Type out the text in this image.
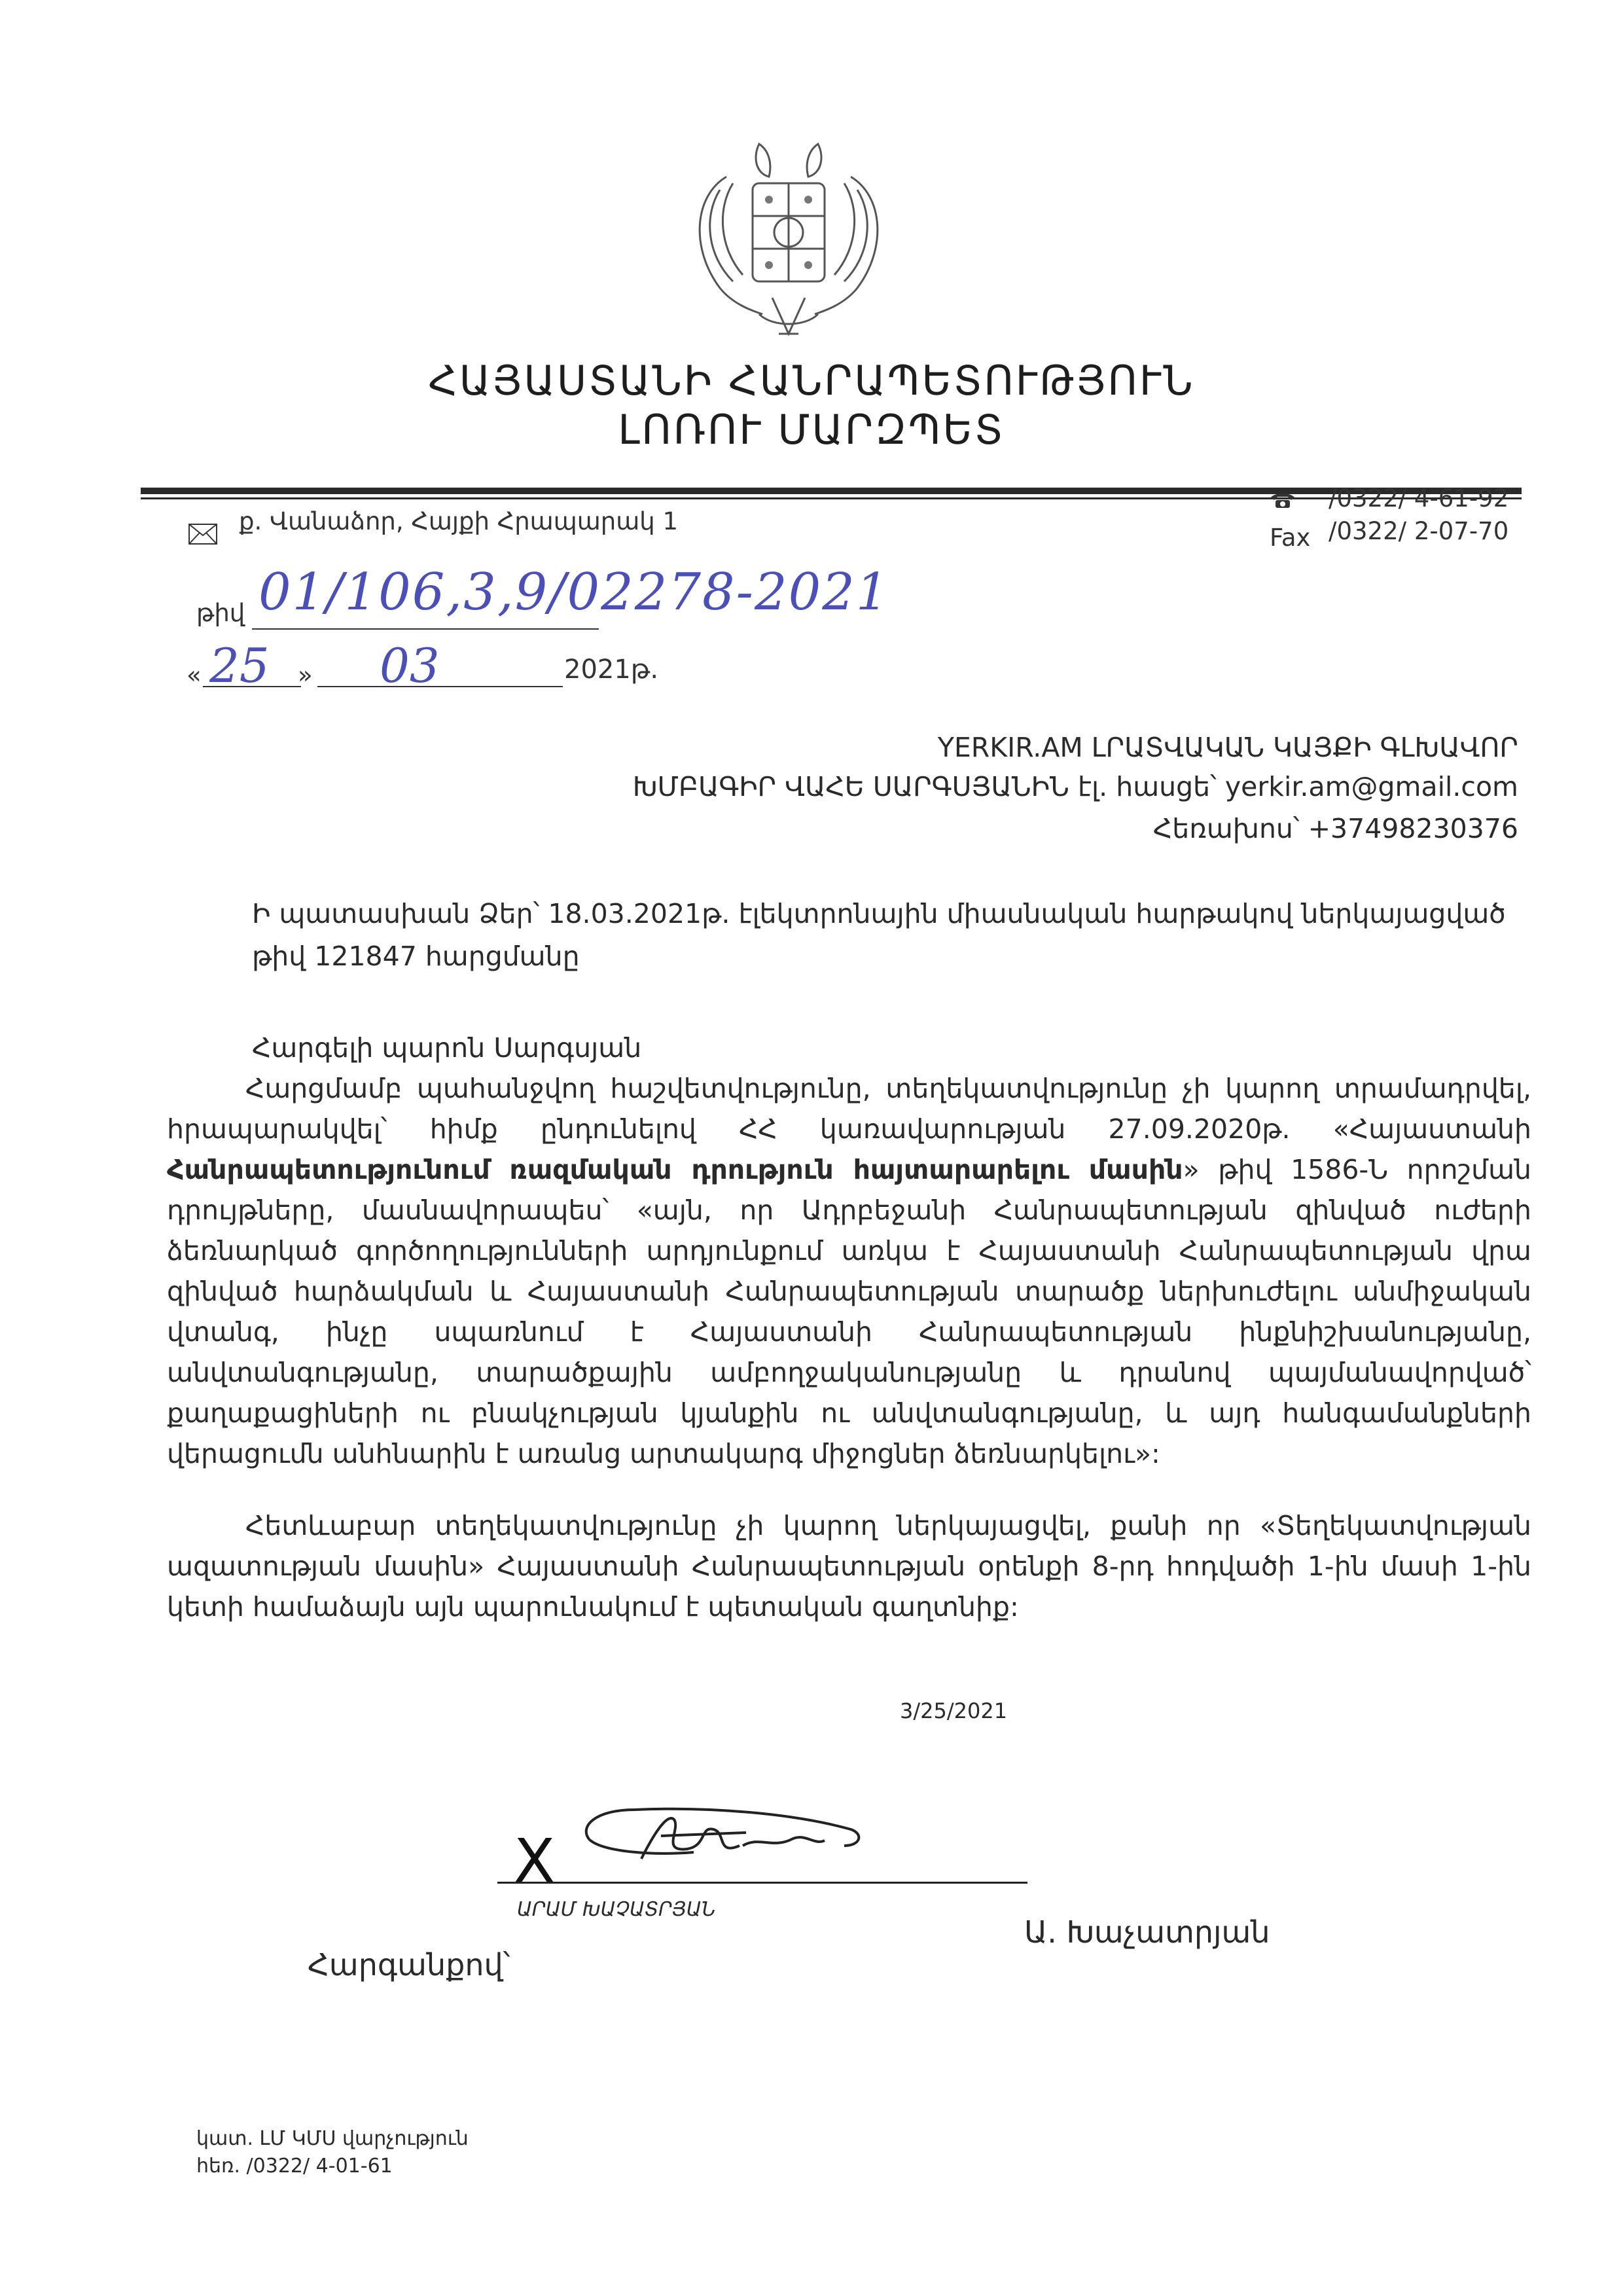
ՀԱՅԱՍՏԱՆԻ ՀԱՆՐԱՊԵՏՈՒԹՅՈՒՆ
ԼՈՌՈՒ ՄԱՐԶՊԵՏ
ք. Վանաձոր, Հայքի Հրապարակ 1
/0322/ 4-61-92
Fax /0322/ 2-07-70
թիվ 01/106,3,9/02278-2021
« 25 » 03	2021թ.
YERKIR.AM ԼՐԱՏՎԱԿԱՆ ԿԱՅՔԻ ԳԼԽԱՎՈՐ
ԽՄԲԱԳԻՐ ՎԱՀԵ ՍԱՐԳՍՅԱՆԻՆ էլ. հասցե՝ yerkir.am@gmail.com
Հեռախոս՝ +37498230376
Ի պատասխան Ձեր՝ 18.03.2021թ. էլեկտրոնային միասնական հարթակով ներկայացված
թիվ 121847 հարցմանը
Հարգելի պարոն Սարգսյան
Հարցմամբ պահանջվող հաշվետվությունը, տեղեկատվությունը չի կարող տրամադրվել,
հրապարակվել՝ հիմք ընդունելով ՀՀ կառավարության 27.09.2020թ. «Հայաստանի
Հանրապետությունում ռազմական դրություն հայտարարելու մասին» թիվ 1586-Ն որոշման
դրույթները, մասնավորապես՝ «այն, որ Ադրբեջանի Հանրապետության զինված ուժերի
ձեռնարկած գործողությունների արդյունքում առկա է Հայաստանի Հանրապետության վրա
զինված հարձակման և Հայաստանի Հանրապետության տարածք ներխուժելու անմիջական
վտանգ, ինչը սպառնում է Հայաստանի Հանրապետության ինքնիշխանությանը,
անվտանգությանը, տարածքային ամբողջականությանը և դրանով պայմանավորված՝
քաղաքացիների ու բնակչության կյանքին ու անվտանգությանը, և այդ հանգամանքների
վերացումն անհնարին է առանց արտակարգ միջոցներ ձեռնարկելու»:
Հետևաբար տեղեկատվությունը չի կարող ներկայացվել, քանի որ «Տեղեկատվության
ազատության մասին» Հայաստանի Հանրապետության օրենքի 8-րդ հոդվածի 1-ին մասի 1-ին
կետի համաձայն այն պարունակում է պետական գաղտնիք:
3/25/2021
X
ԱՐԱՄ ԽԱՉԱՏՐՅԱՆ
Հարգանքով՝
Ա. Խաչատրյան
կատ. ԼՄ ԿՄՍ վարչություն
հեռ. /0322/ 4-01-61
